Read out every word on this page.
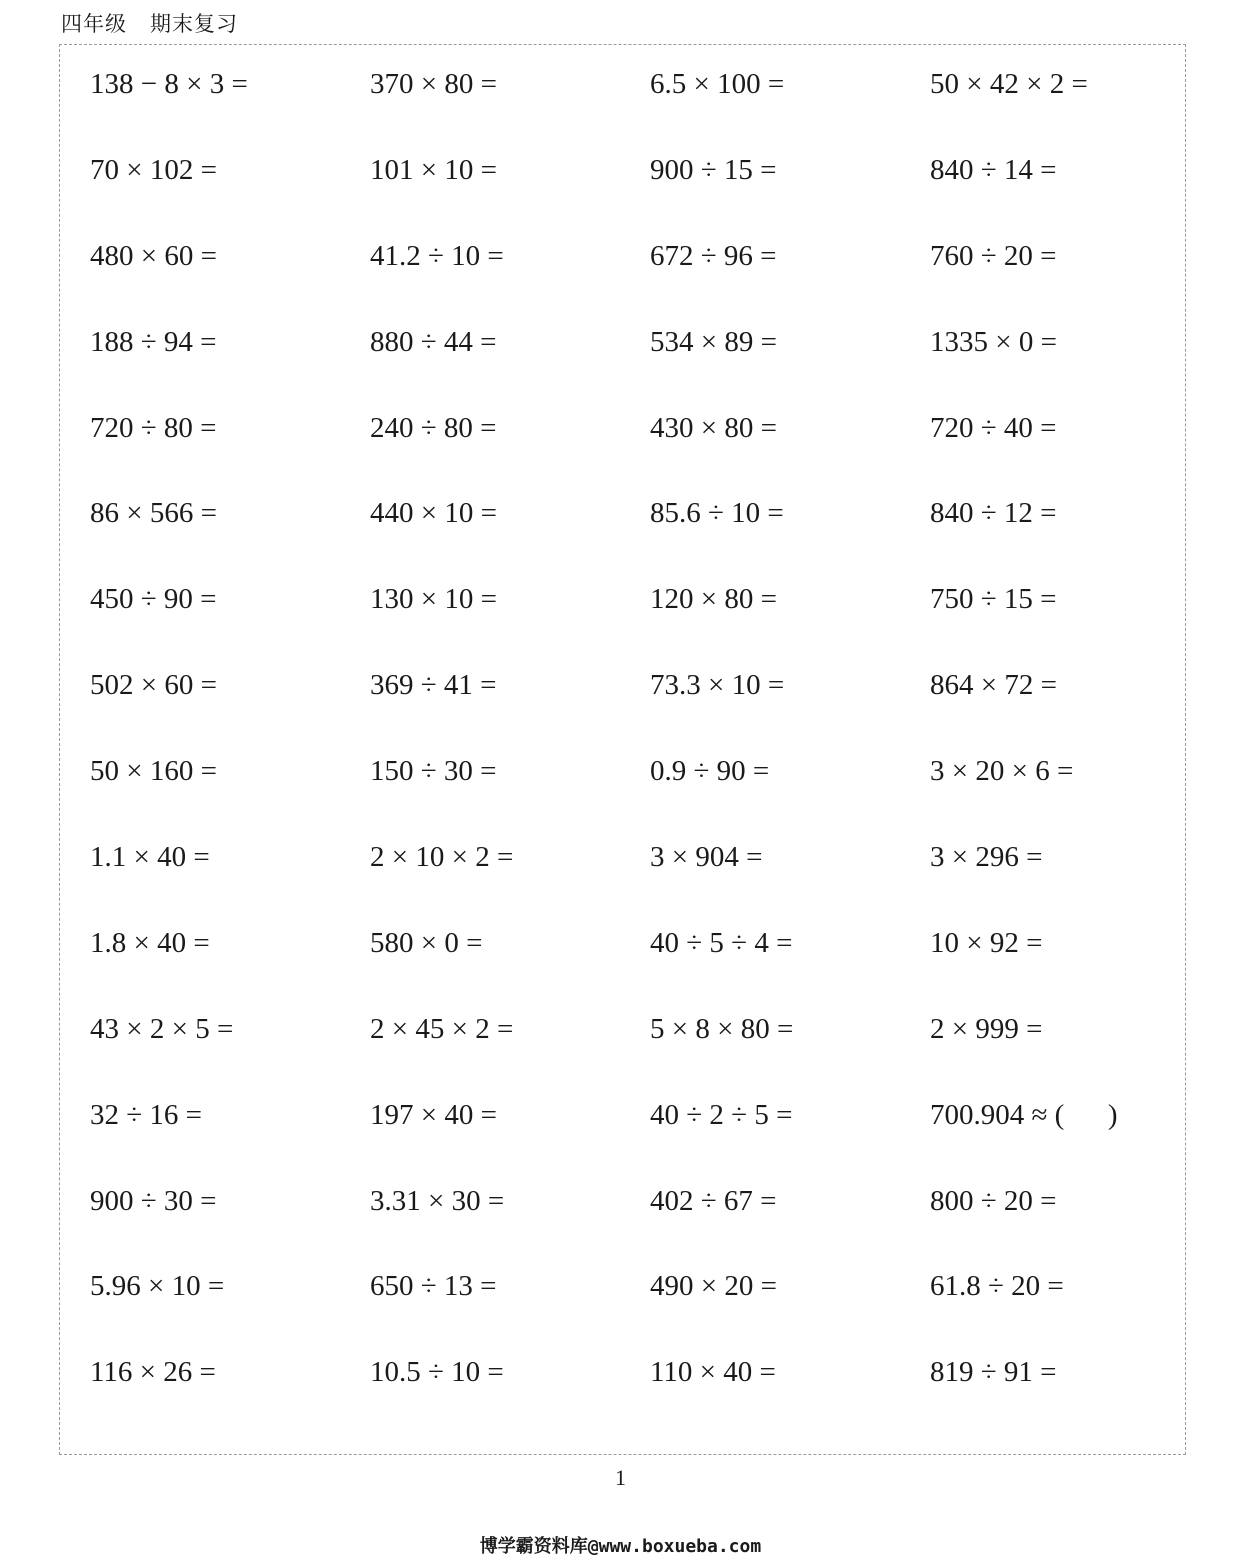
四年级   期末复习
138 − 8 × 3 =	370 × 80 =	6.5 × 100 =	50 × 42 × 2 =
70 × 102 =	101 × 10 =	900 ÷ 15 =	840 ÷ 14 =
480 × 60 =	41.2 ÷ 10 =	672 ÷ 96 =	760 ÷ 20 =
188 ÷ 94 =	880 ÷ 44 =	534 × 89 =	1335 × 0 =
720 ÷ 80 =	240 ÷ 80 =	430 × 80 =	720 ÷ 40 =
86 × 566 =	440 × 10 =	85.6 ÷ 10 =	840 ÷ 12 =
450 ÷ 90 =	130 × 10 =	120 × 80 =	750 ÷ 15 =
502 × 60 =	369 ÷ 41 =	73.3 × 10 =	864 × 72 =
50 × 160 =	150 ÷ 30 =	0.9 ÷ 90 =	3 × 20 × 6 =
1.1 × 40 =	2 × 10 × 2 =	3 × 904 =	3 × 296 =
1.8 × 40 =	580 × 0 =	40 ÷ 5 ÷ 4 =	10 × 92 =
43 × 2 × 5 =	2 × 45 × 2 =	5 × 8 × 80 =	2 × 999 =
32 ÷ 16 =	197 × 40 =	40 ÷ 2 ÷ 5 =	700.904 ≈ (      )
900 ÷ 30 =	3.31 × 30 =	402 ÷ 67 =	800 ÷ 20 =
5.96 × 10 =	650 ÷ 13 =	490 × 20 =	61.8 ÷ 20 =
116 × 26 =	10.5 ÷ 10 =	110 × 40 =	819 ÷ 91 =
1
博学霸资料库@www.boxueba.com
